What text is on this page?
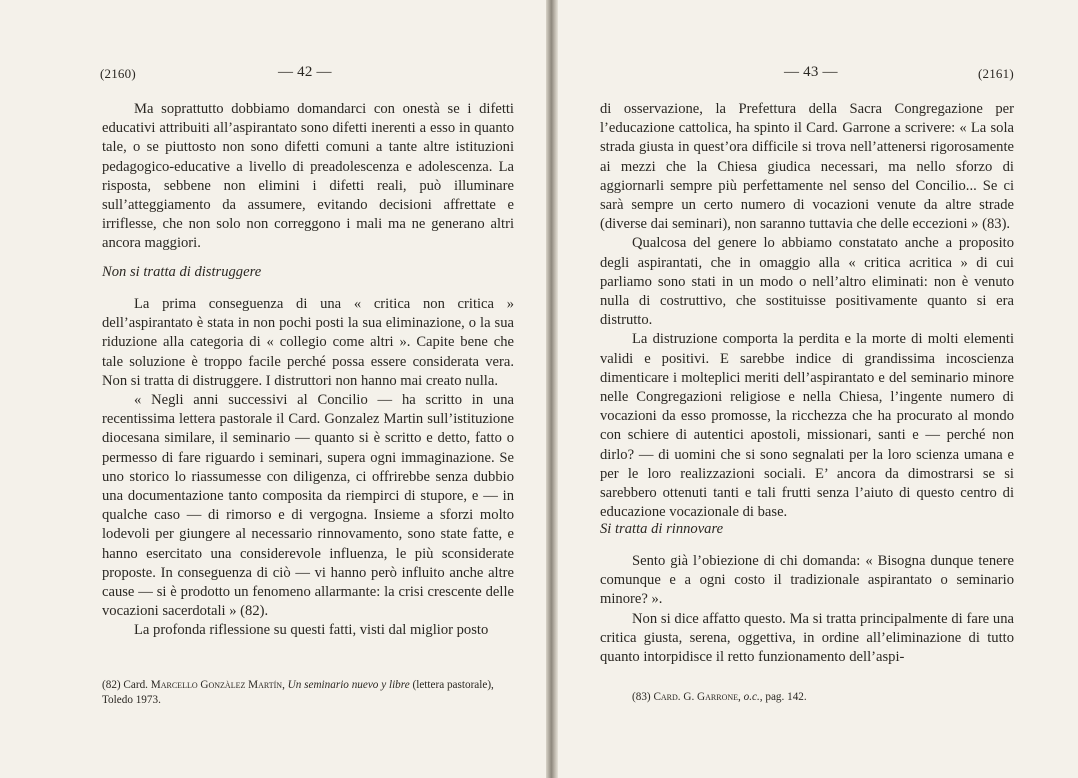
(2160)	— 42 —

Ma soprattutto dobbiamo domandarci con onestà se i difetti educativi attribuiti all’aspirantato sono difetti inerenti a esso in quanto tale, o se piuttosto non sono difetti comuni a tante altre istituzioni pedagogico-educative a livello di preadolescenza e adolescenza. La risposta, sebbene non elimini i difetti reali, può illuminare sull’atteggiamento da assumere, evitando decisioni affrettate e irriflesse, che non solo non correggono i mali ma ne generano altri ancora maggiori.

Non si tratta di distruggere

La prima conseguenza di una « critica non critica » dell’aspirantato è stata in non pochi posti la sua eliminazione, o la sua riduzione alla categoria di « collegio come altri ». Capite bene che tale soluzione è troppo facile perché possa essere considerata vera. Non si tratta di distruggere. I distruttori non hanno mai creato nulla.

« Negli anni successivi al Concilio — ha scritto in una recentissima lettera pastorale il Card. Gonzalez Martin sull’istituzione diocesana similare, il seminario — quanto si è scritto e detto, fatto o permesso di fare riguardo i seminari, supera ogni immaginazione. Se uno storico lo riassumesse con diligenza, ci offrirebbe senza dubbio una documentazione tanto composita da riempirci di stupore, e — in qualche caso — di rimorso e di vergogna. Insieme a sforzi molto lodevoli per giungere al necessario rinnovamento, sono state fatte, e hanno esercitato una considerevole influenza, le più sconsiderate proposte. In conseguenza di ciò — vi hanno però influito anche altre cause — si è prodotto un fenomeno allarmante: la crisi crescente delle vocazioni sacerdotali » (82).

La profonda riflessione su questi fatti, visti dal miglior posto

(82) Card. Marcello Gonzàlez Martín, Un seminario nuevo y libre (lettera pastorale), Toledo 1973.
— 43 —	(2161)

di osservazione, la Prefettura della Sacra Congregazione per l’educazione cattolica, ha spinto il Card. Garrone a scrivere: « La sola strada giusta in quest’ora difficile si trova nell’attenersi rigorosamente ai mezzi che la Chiesa giudica necessari, ma nello sforzo di aggiornarli sempre più perfettamente nel senso del Concilio... Se ci sarà sempre un certo numero di vocazioni venute da altre strade (diverse dai seminari), non saranno tuttavia che delle eccezioni » (83).

Qualcosa del genere lo abbiamo constatato anche a proposito degli aspirantati, che in omaggio alla « critica acritica » di cui parliamo sono stati in un modo o nell’altro eliminati: non è venuto nulla di costruttivo, che sostituisse positivamente quanto si era distrutto.

La distruzione comporta la perdita e la morte di molti elementi validi e positivi. E sarebbe indice di grandissima incoscienza dimenticare i molteplici meriti dell’aspirantato e del seminario minore nelle Congregazioni religiose e nella Chiesa, l’ingente numero di vocazioni da esso promosse, la ricchezza che ha procurato al mondo con schiere di autentici apostoli, missionari, santi e — perché non dirlo? — di uomini che si sono segnalati per la loro scienza umana e per le loro realizzazioni sociali. E’ ancora da dimostrarsi se si sarebbero ottenuti tanti e tali frutti senza l’aiuto di questo centro di educazione vocazionale di base.

Si tratta di rinnovare

Sento già l’obiezione di chi domanda: « Bisogna dunque tenere comunque e a ogni costo il tradizionale aspirantato o seminario minore? ».

Non si dice affatto questo. Ma si tratta principalmente di fare una critica giusta, serena, oggettiva, in ordine all’eliminazione di tutto quanto intorpidisce il retto funzionamento dell’aspi-

(83) Card. G. Garrone, o.c., pag. 142.
